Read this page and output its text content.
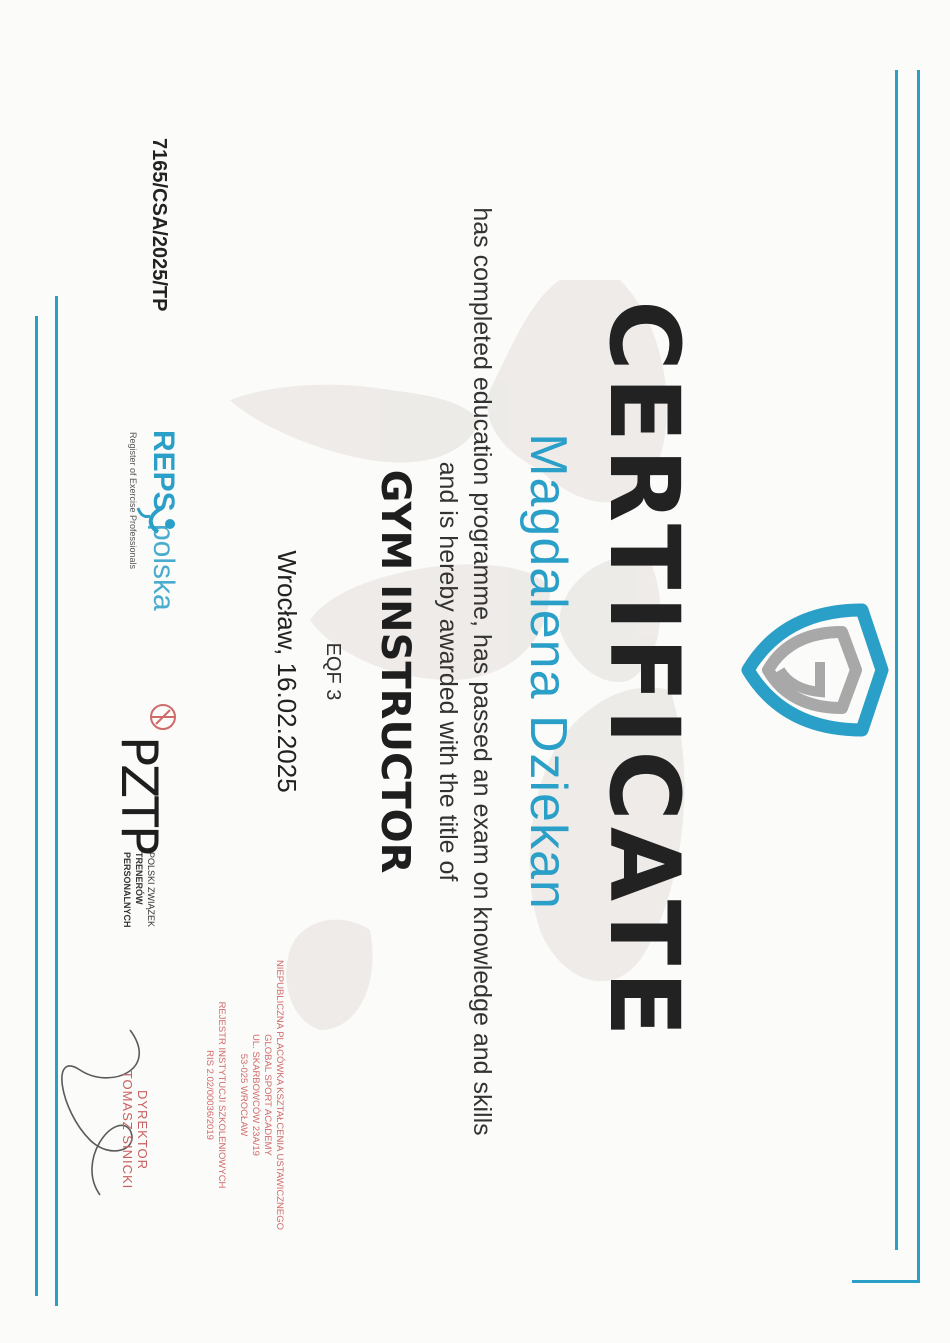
CERTIFICATE
Magdalena Dziekan
has completed education programme, has passed an exam on knowledge and skills
and is hereby awarded with the title of
GYM INSTRUCTOR
EQF 3
Wrocław, 16.02.2025
7165/CSA/2025/TP
REPS
polska
Register of Exercise Professionals
PZTP
POLSKI ZWIĄZEK
TRENERÓW
PERSONALNYCH
NIEPUBLICZNA PLACÓWKA KSZTAŁCENIA USTAWICZNEGO
GLOBAL SPORT ACADEMY
UL. SKARBOWCÓW 23A/19
53-025 WROCŁAW
REJESTR INSTYTUCJI SZKOLENIOWYCH
RIS 2.02/00036/2019
DYREKTOR
TOMASZ SINICKI
